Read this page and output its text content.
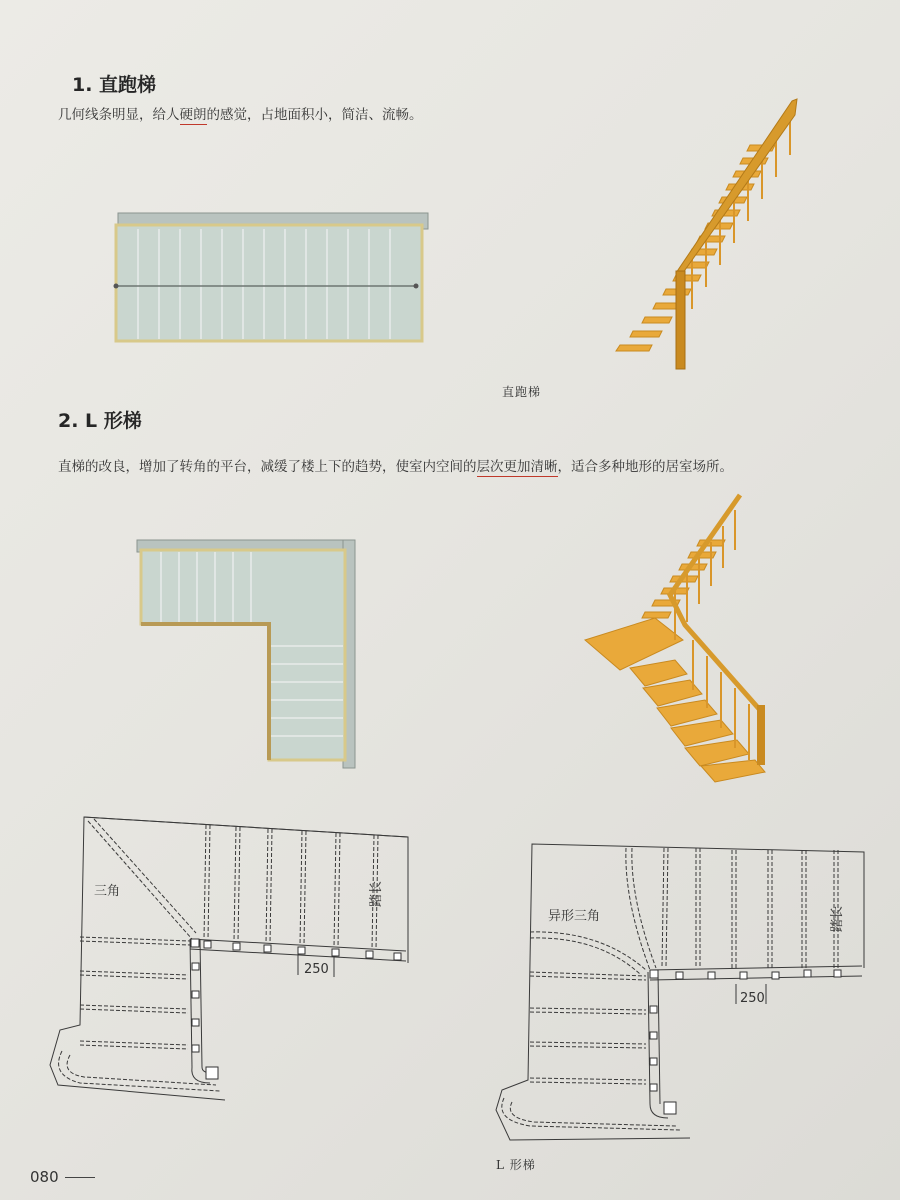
1. 直跑梯
几何线条明显，给人硬朗的感觉，占地面积小，简洁、流畅。
直跑梯
2. L 形梯
直梯的改良，增加了转角的平台，减缓了楼上下的趋势，使室内空间的层次更加清晰，适合多种地形的居室场所。
三角	踏长
250
异形三角	踏长
250
L 形梯
080
